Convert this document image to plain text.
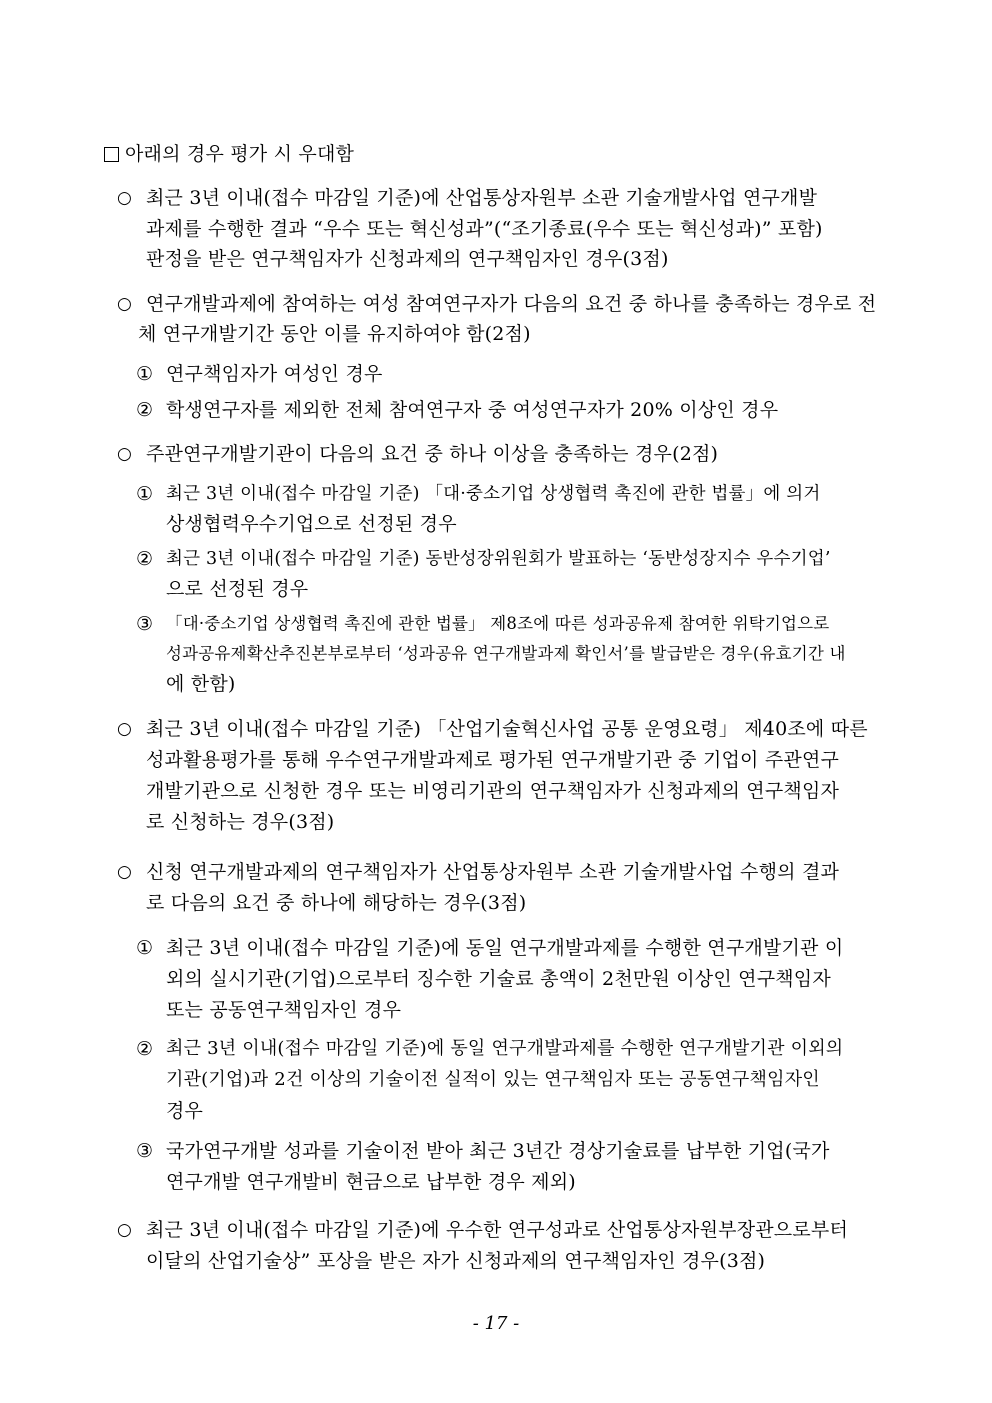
아래의 경우 평가 시 우대함
○ 최근 3년 이내(접수 마감일 기준)에 산업통상자원부 소관 기술개발사업 연구개발
과제를 수행한 결과 “우수 또는 혁신성과”(“조기종료(우수 또는 혁신성과)” 포함)
판정을 받은 연구책임자가 신청과제의 연구책임자인 경우(3점)
○ 연구개발과제에 참여하는 여성 참여연구자가 다음의 요건 중 하나를 충족하는 경우로 전
체 연구개발기간 동안 이를 유지하여야 함(2점)
① 연구책임자가 여성인 경우
② 학생연구자를 제외한 전체 참여연구자 중 여성연구자가 20% 이상인 경우
○ 주관연구개발기관이 다음의 요건 중 하나 이상을 충족하는 경우(2점)
① 최근 3년 이내(접수 마감일 기준) 「대·중소기업 상생협력 촉진에 관한 법률」에 의거
상생협력우수기업으로 선정된 경우
② 최근 3년 이내(접수 마감일 기준) 동반성장위원회가 발표하는 ‘동반성장지수 우수기업’
으로 선정된 경우
③ 「대·중소기업 상생협력 촉진에 관한 법률」 제8조에 따른 성과공유제 참여한 위탁기업으로
성과공유제확산추진본부로부터 ‘성과공유 연구개발과제 확인서’를 발급받은 경우(유효기간 내
에 한함)
○ 최근 3년 이내(접수 마감일 기준) 「산업기술혁신사업 공통 운영요령」 제40조에 따른
성과활용평가를 통해 우수연구개발과제로 평가된 연구개발기관 중 기업이 주관연구
개발기관으로 신청한 경우 또는 비영리기관의 연구책임자가 신청과제의 연구책임자
로 신청하는 경우(3점)
○ 신청 연구개발과제의 연구책임자가 산업통상자원부 소관 기술개발사업 수행의 결과
로 다음의 요건 중 하나에 해당하는 경우(3점)
① 최근 3년 이내(접수 마감일 기준)에 동일 연구개발과제를 수행한 연구개발기관 이
외의 실시기관(기업)으로부터 징수한 기술료 총액이 2천만원 이상인 연구책임자
또는 공동연구책임자인 경우
② 최근 3년 이내(접수 마감일 기준)에 동일 연구개발과제를 수행한 연구개발기관 이외의
기관(기업)과 2건 이상의 기술이전 실적이 있는 연구책임자 또는 공동연구책임자인
경우
③ 국가연구개발 성과를 기술이전 받아 최근 3년간 경상기술료를 납부한 기업(국가
연구개발 연구개발비 현금으로 납부한 경우 제외)
○ 최근 3년 이내(접수 마감일 기준)에 우수한 연구성과로 산업통상자원부장관으로부터
이달의 산업기술상” 포상을 받은 자가 신청과제의 연구책임자인 경우(3점)
- 17 -
